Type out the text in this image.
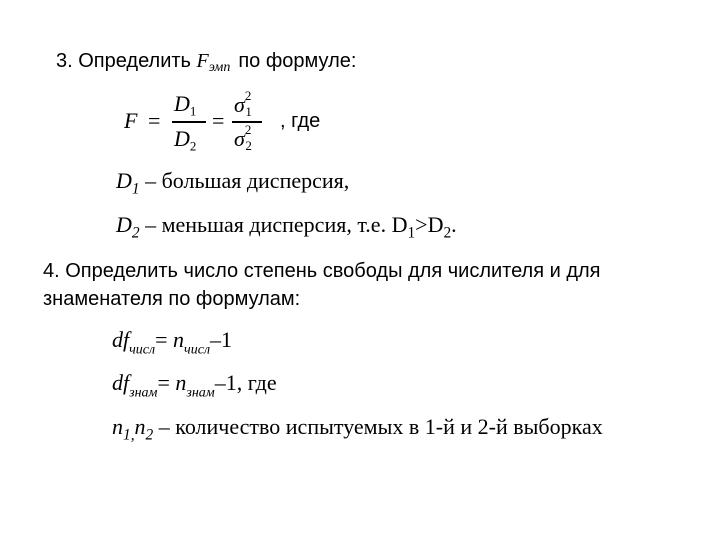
3. Определить $F_{эмп}$ по формуле:
F =
$D_1$
$D_2$
=
$\sigma^21$
$\sigma^22$
, где
$D_1$ – большая дисперсия,
$D_2$ – меньшая дисперсия, т.е. $D_1>D_2$.
4. Определить число степень свободы для числителя и для знаменателя по формулам:
$df_{числ}= n_{числ}-1$
$df_{знам}= n_{знам}-1$, где
$n_{1,}n_2$ – количество испытуемых в 1-й и 2-й выборках
